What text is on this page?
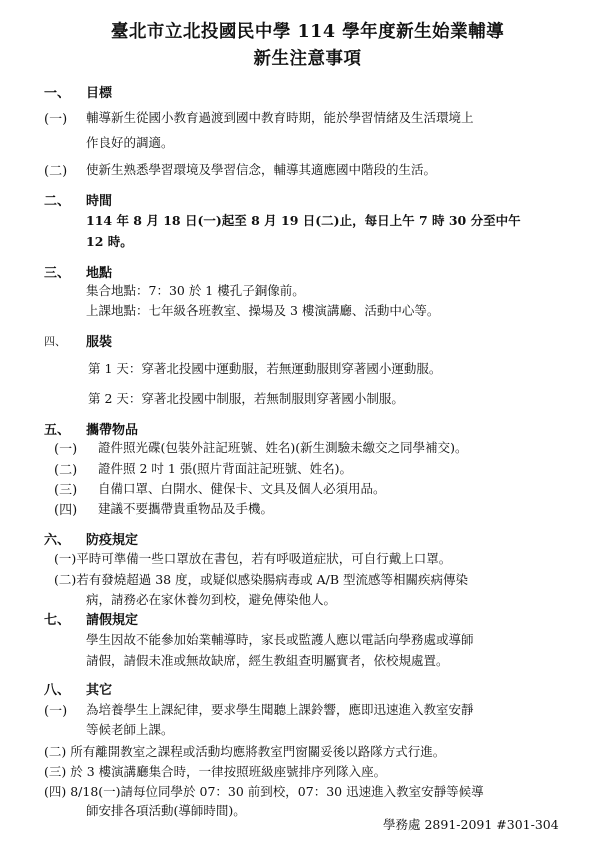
臺北市立北投國民中學 114 學年度新生始業輔導
新生注意事項
一、 目標
(一) 輔導新生從國小教育過渡到國中教育時期，能於學習情緒及生活環境上
作良好的調適。
(二) 使新生熟悉學習環境及學習信念，輔導其適應國中階段的生活。
二、 時間
114 年 8 月 18 日(一)起至 8 月 19 日(二)止，每日上午 7 時 30 分至中午
12 時。
三、 地點
集合地點：7：30 於 1 樓孔子銅像前。
上課地點：七年級各班教室、操場及 3 樓演講廳、活動中心等。
四、 服裝
第 1 天：穿著北投國中運動服，若無運動服則穿著國小運動服。
第 2 天：穿著北投國中制服，若無制服則穿著國小制服。
五、 攜帶物品
(一) 證件照光碟(包裝外註記班號、姓名)(新生測驗未繳交之同學補交)。
(二) 證件照 2 吋 1 張(照片背面註記班號、姓名)。
(三) 自備口罩、白開水、健保卡、文具及個人必須用品。
(四) 建議不要攜帶貴重物品及手機。
六、 防疫規定
(一)平時可準備一些口罩放在書包，若有呼吸道症狀，可自行戴上口罩。
(二)若有發燒超過 38 度，或疑似感染腸病毒或 A/B 型流感等相關疾病傳染
病，請務必在家休養勿到校，避免傳染他人。
七、 請假規定
學生因故不能參加始業輔導時，家長或監護人應以電話向學務處或導師
請假，請假未准或無故缺席，經生教組查明屬實者，依校規處置。
八、 其它
(一) 為培養學生上課紀律，要求學生聞聽上課鈴響，應即迅速進入教室安靜
等候老師上課。
(二) 所有離開教室之課程或活動均應將教室門窗關妥後以路隊方式行進。
(三) 於 3 樓演講廳集合時，一律按照班級座號排序列隊入座。
(四) 8/18(一)請每位同學於 07：30 前到校，07：30 迅速進入教室安靜等候導
師安排各項活動(導師時間)。
學務處 2891-2091 #301-304
